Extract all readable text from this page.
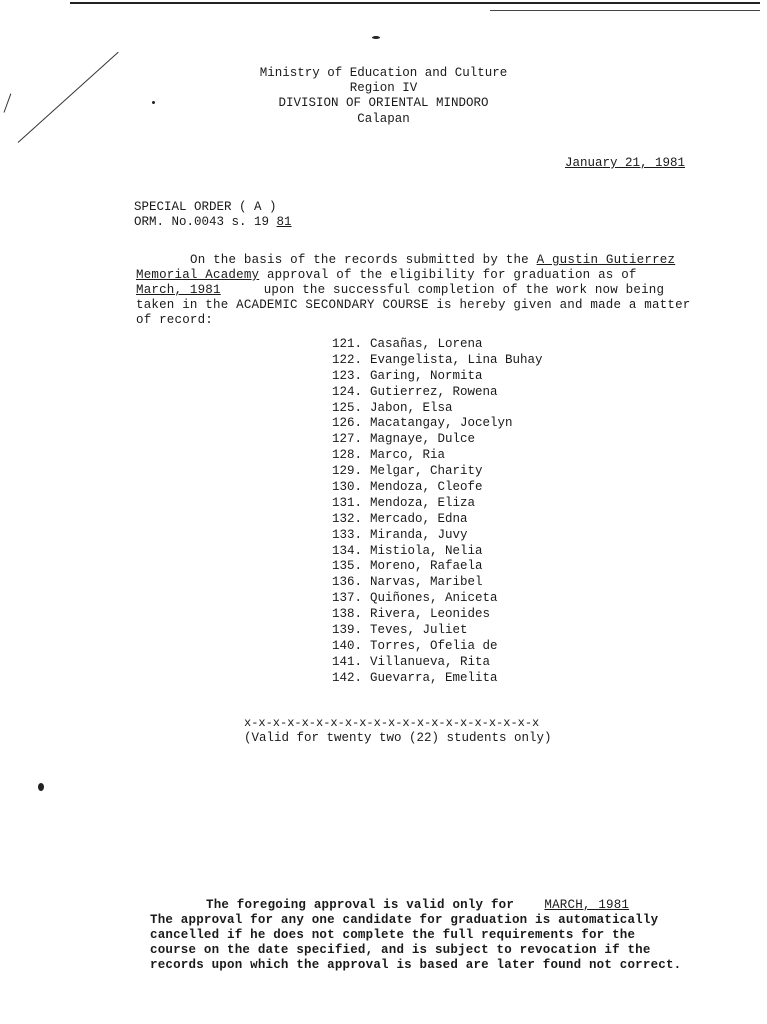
Ministry of Education and Culture
Region IV
DIVISION OF ORIENTAL MINDORO
Calapan
January 21, 1981
SPECIAL ORDER ( A )
ORM. No.0043 s. 19 81
On the basis of the records submitted by the A gustin Gutierrez
Memorial Academy approval of the eligibility for graduation as of
March, 1981	upon the successful completion of the work now being
taken in the ACADEMIC SECONDARY COURSE is hereby given and made a matter
of record:
121. Casañas, Lorena
122. Evangelista, Lina Buhay
123. Garing, Normita
124. Gutierrez, Rowena
125. Jabon, Elsa
126. Macatangay, Jocelyn
127. Magnaye, Dulce
128. Marco, Ria
129. Melgar, Charity
130. Mendoza, Cleofe
131. Mendoza, Eliza
132. Mercado, Edna
133. Miranda, Juvy
134. Mistiola, Nelia
135. Moreno, Rafaela
136. Narvas, Maribel
137. Quiñones, Aniceta
138. Rivera, Leonides
139. Teves, Juliet
140. Torres, Ofelia de
141. Villanueva, Rita
142. Guevarra, Emelita
x-x-x-x-x-x-x-x-x-x-x-x-x-x-x-x-x-x-x-x-x
(Valid for twenty two (22) students only)
The foregoing approval is valid only for MARCH, 1981
The approval for any one candidate for graduation is automatically
cancelled if he does not complete the full requirements for the
course on the date specified, and is subject to revocation if the
records upon which the approval is based are later found not correct.
